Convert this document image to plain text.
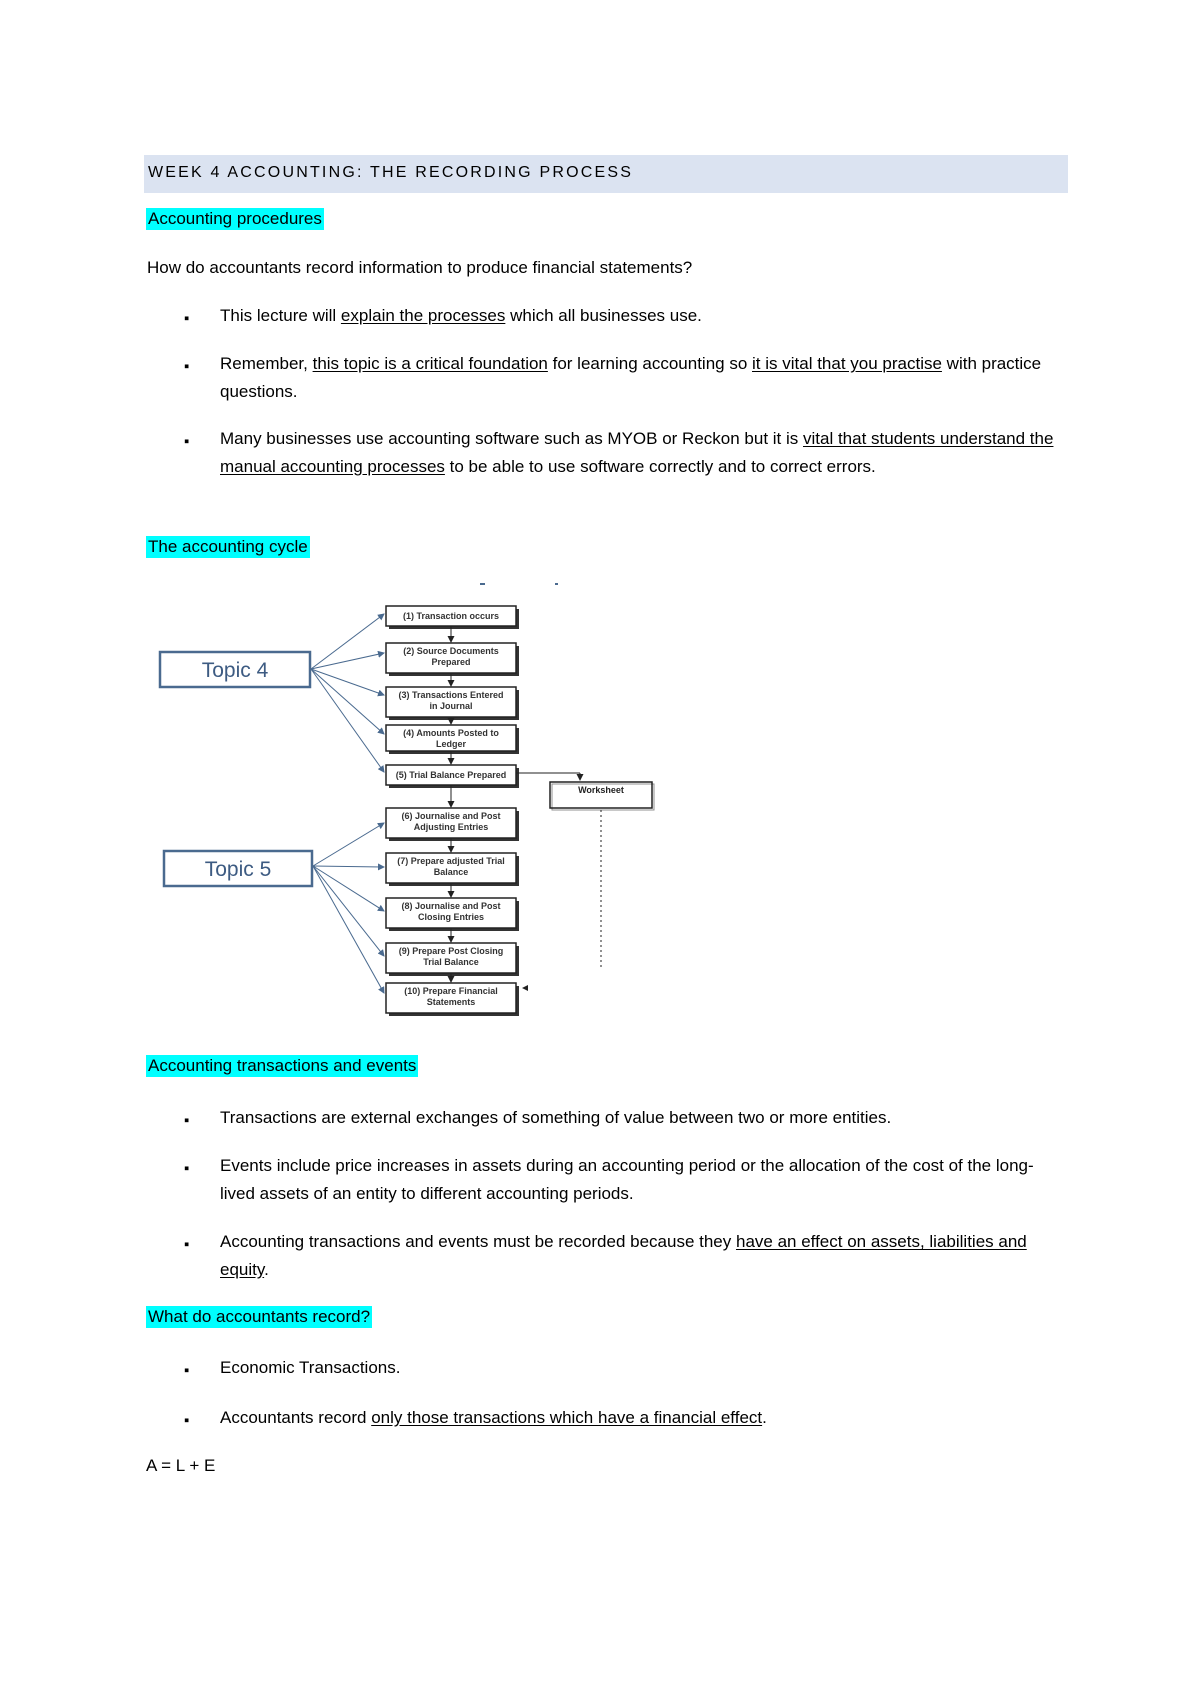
WEEK 4 ACCOUNTING: THE RECORDING PROCESS
Accounting procedures
How do accountants record information to produce financial statements?
▪ This lecture will explain the processes which all businesses use.
▪ Remember, this topic is a critical foundation for learning accounting so it is vital that you practise with practice questions.
▪ Many businesses use accounting software such as MYOB or Reckon but it is vital that students understand the manual accounting processes to be able to use software correctly and to correct errors.
The accounting cycle
Topic 4
Topic 5
(1) Transaction occurs
(2) Source Documents
Prepared
(3) Transactions Entered
in Journal
(4) Amounts Posted to
Ledger
(5) Trial Balance Prepared
(6) Journalise and Post
Adjusting Entries
(7) Prepare adjusted Trial
Balance
(8) Journalise and Post
Closing Entries
(9) Prepare Post Closing
Trial Balance
(10) Prepare Financial
Statements
Worksheet
Accounting transactions and events
▪ Transactions are external exchanges of something of value between two or more entities.
▪ Events include price increases in assets during an accounting period or the allocation of the cost of the long-lived assets of an entity to different accounting periods.
▪ Accounting transactions and events must be recorded because they have an effect on assets, liabilities and equity.
What do accountants record?
▪ Economic Transactions.
▪ Accountants record only those transactions which have a financial effect.
A = L + E
